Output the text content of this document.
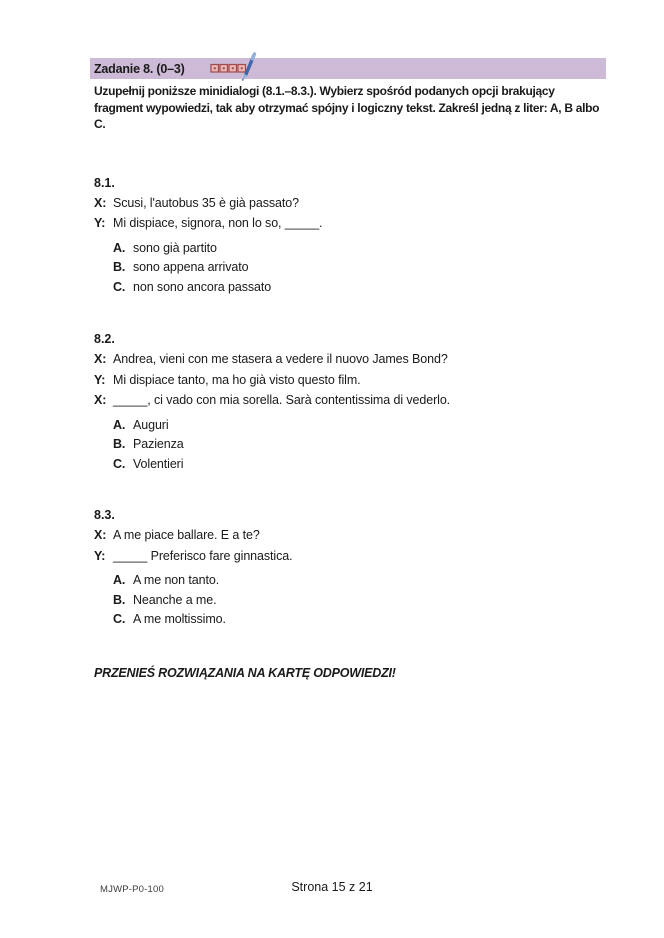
Zadanie 8. (0–3)

Uzupełnij poniższe minidialogi (8.1.–8.3.). Wybierz spośród podanych opcji brakujący fragment wypowiedzi, tak aby otrzymać spójny i logiczny tekst. Zakreśl jedną z liter: A, B albo C.

8.1.
X: Scusi, l'autobus 35 è già passato?
Y: Mi dispiace, signora, non lo so, _____.
A. sono già partito
B. sono appena arrivato
C. non sono ancora passato
8.2.
X: Andrea, vieni con me stasera a vedere il nuovo James Bond?
Y: Mi dispiace tanto, ma ho già visto questo film.
X: _____, ci vado con mia sorella. Sarà contentissima di vederlo.
A. Auguri
B. Pazienza
C. Volentieri
8.3.
X: A me piace ballare. E a te?
Y: _____ Preferisco fare ginnastica.
A. A me non tanto.
B. Neanche a me.
C. A me moltissimo.

PRZENIEŚ ROZWIĄZANIA NA KARTĘ ODPOWIEDZI!

MJWP-P0-100	Strona 15 z 21
